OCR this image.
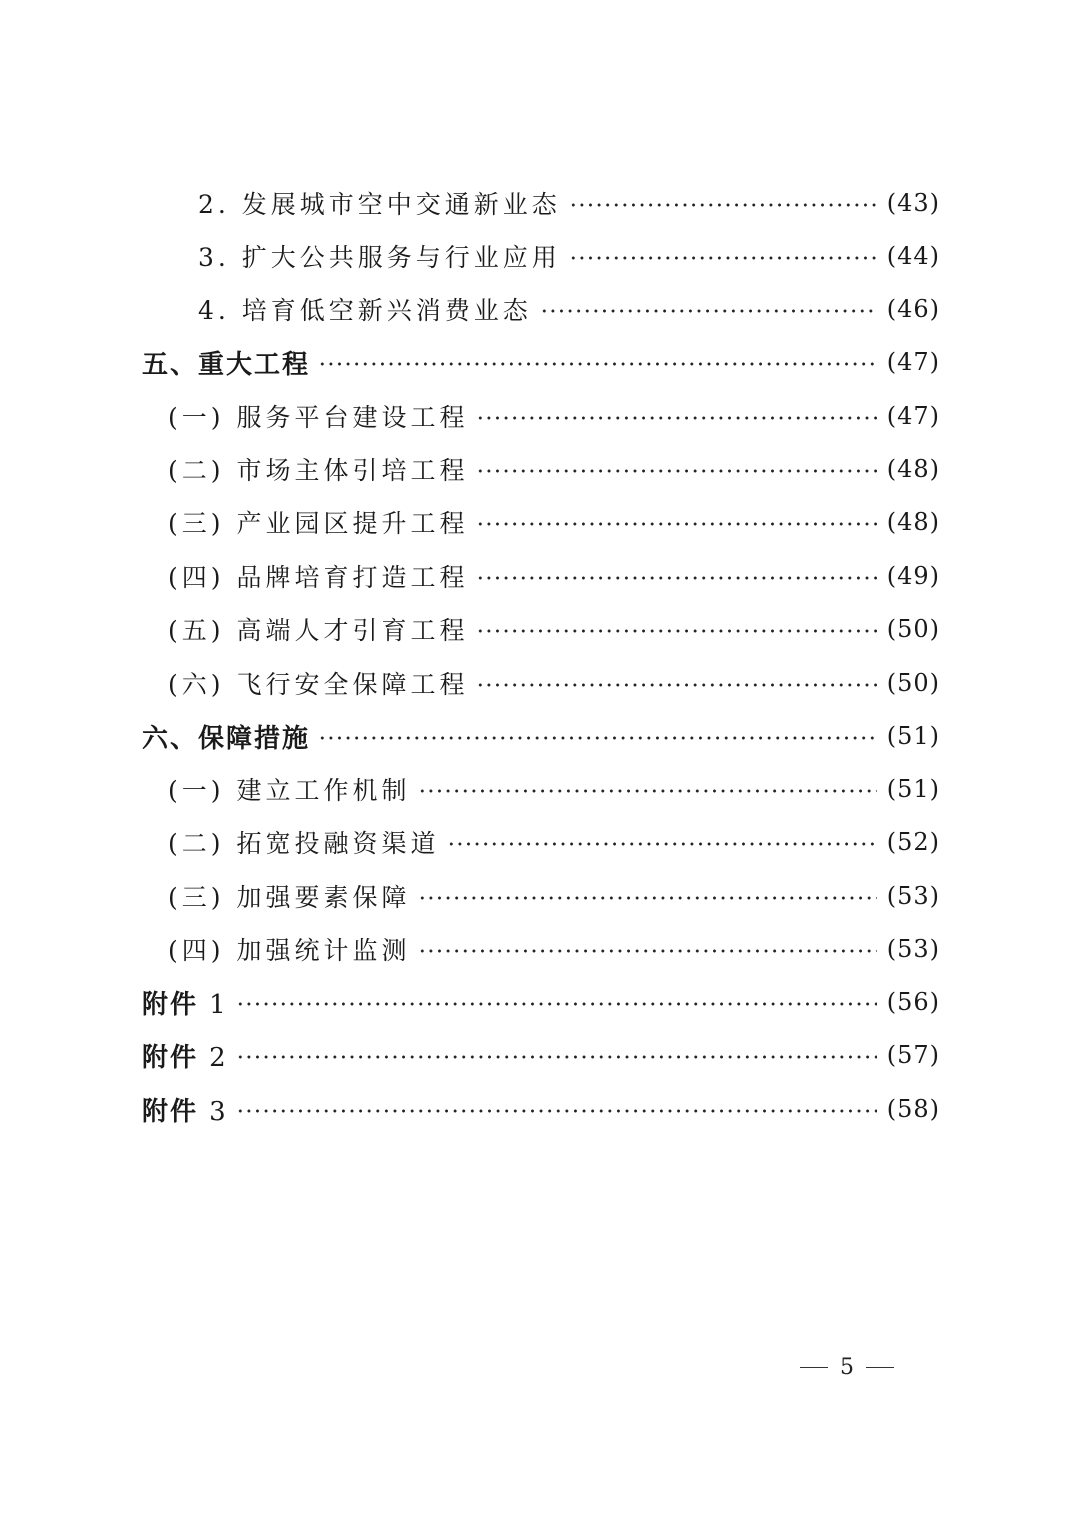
2. 发展城市空中交通新业态	(43)
3. 扩大公共服务与行业应用	(44)
4. 培育低空新兴消费业态	(46)
五、重大工程	(47)
(一) 服务平台建设工程	(47)
(二) 市场主体引培工程	(48)
(三) 产业园区提升工程	(48)
(四) 品牌培育打造工程	(49)
(五) 高端人才引育工程	(50)
(六) 飞行安全保障工程	(50)
六、保障措施	(51)
(一) 建立工作机制	(51)
(二) 拓宽投融资渠道	(52)
(三) 加强要素保障	(53)
(四) 加强统计监测	(53)
附件 1	(56)
附件 2	(57)
附件 3	(58)
5
